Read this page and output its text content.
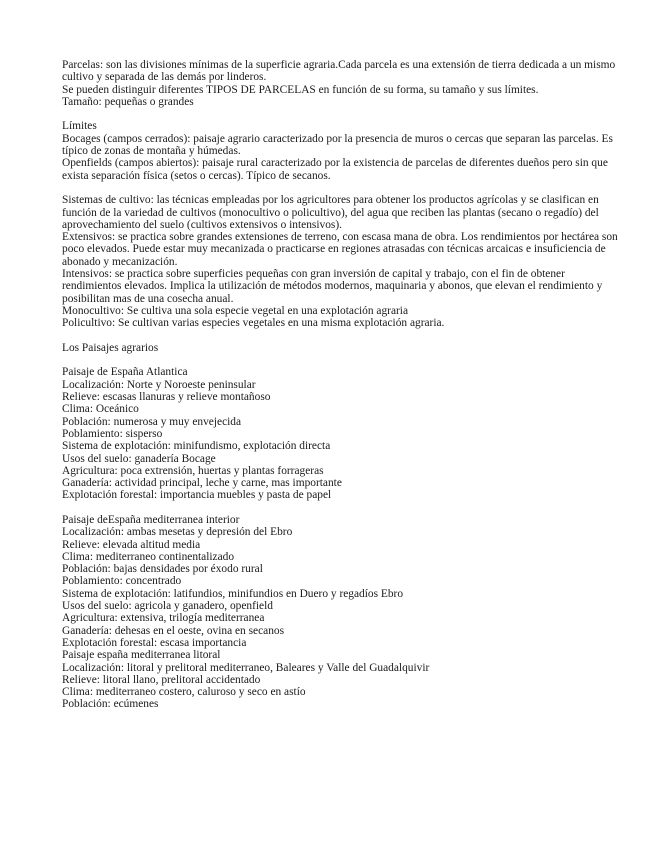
Parcelas: son las divisiones mínimas de la superficie agraria.Cada parcela es una extensión de tierra dedicada a un mismo cultivo y separada de las demás por linderos.

Se pueden distinguir diferentes TIPOS DE PARCELAS en función de su forma, su tamaño y sus límites.

Tamaño: pequeñas o grandes

Límites

Bocages (campos cerrados): paisaje agrario caracterizado por la presencia de muros o cercas que separan las parcelas. Es típico de zonas de montaña y húmedas.

Openfields (campos abiertos): paisaje rural caracterizado por la existencia de parcelas de diferentes dueños pero sin que exista separación física (setos o cercas). Típico de secanos.

Sistemas de cultivo: las técnicas empleadas por los agricultores para obtener los productos agrícolas y se clasifican en función de la variedad de cultivos (monocultivo o policultivo), del agua que reciben las plantas (secano o regadío) del aprovechamiento del suelo (cultivos extensivos o intensivos).

Extensivos: se practica sobre grandes extensiones de terreno, con escasa mana de obra. Los rendimientos por hectárea son poco elevados. Puede estar muy mecanizada o practicarse en regiones atrasadas con técnicas arcaicas e insuficiencia de abonado y mecanización.

Intensivos: se practica sobre superficies pequeñas con gran inversión de capital y trabajo, con el fin de obtener rendimientos elevados. Implica la utilización de métodos modernos, maquinaria y abonos, que elevan el rendimiento y posibilitan mas de una cosecha anual.

Monocultivo: Se cultiva una sola especie vegetal en una explotación agraria

Policultivo: Se cultivan varias especies vegetales en una misma explotación agraria.

Los Paisajes agrarios

Paisaje de España Atlantica

Localización: Norte y Noroeste peninsular

Relieve: escasas llanuras y relieve montañoso

Clima: Oceánico

Población: numerosa y muy envejecida

Poblamiento: sisperso

Sistema de explotación: minifundismo, explotación directa

Usos del suelo: ganadería Bocage

Agricultura: poca extrensión, huertas y plantas forrageras

Ganadería: actividad principal, leche y carne, mas importante

Explotación forestal: importancia muebles y pasta de papel

Paisaje deEspaña mediterranea interior

Localización: ambas mesetas y depresión del Ebro

Relieve: elevada altitud media

Clima: mediterraneo continentalizado

Población: bajas densidades por éxodo rural

Poblamiento: concentrado

Sistema de explotación: latifundios, minifundios en Duero y regadíos Ebro

Usos del suelo: agricola y ganadero, openfield

Agricultura: extensiva, trilogía mediterranea

Ganadería: dehesas en el oeste, ovina en secanos

Explotación forestal: escasa importancia

Paisaje españa mediterranea litoral

Localización: litoral y prelitoral mediterraneo, Baleares y Valle del Guadalquivir

Relieve: litoral llano, prelitoral accidentado

Clima: mediterraneo costero, caluroso y seco en astío

Población: ecúmenes
